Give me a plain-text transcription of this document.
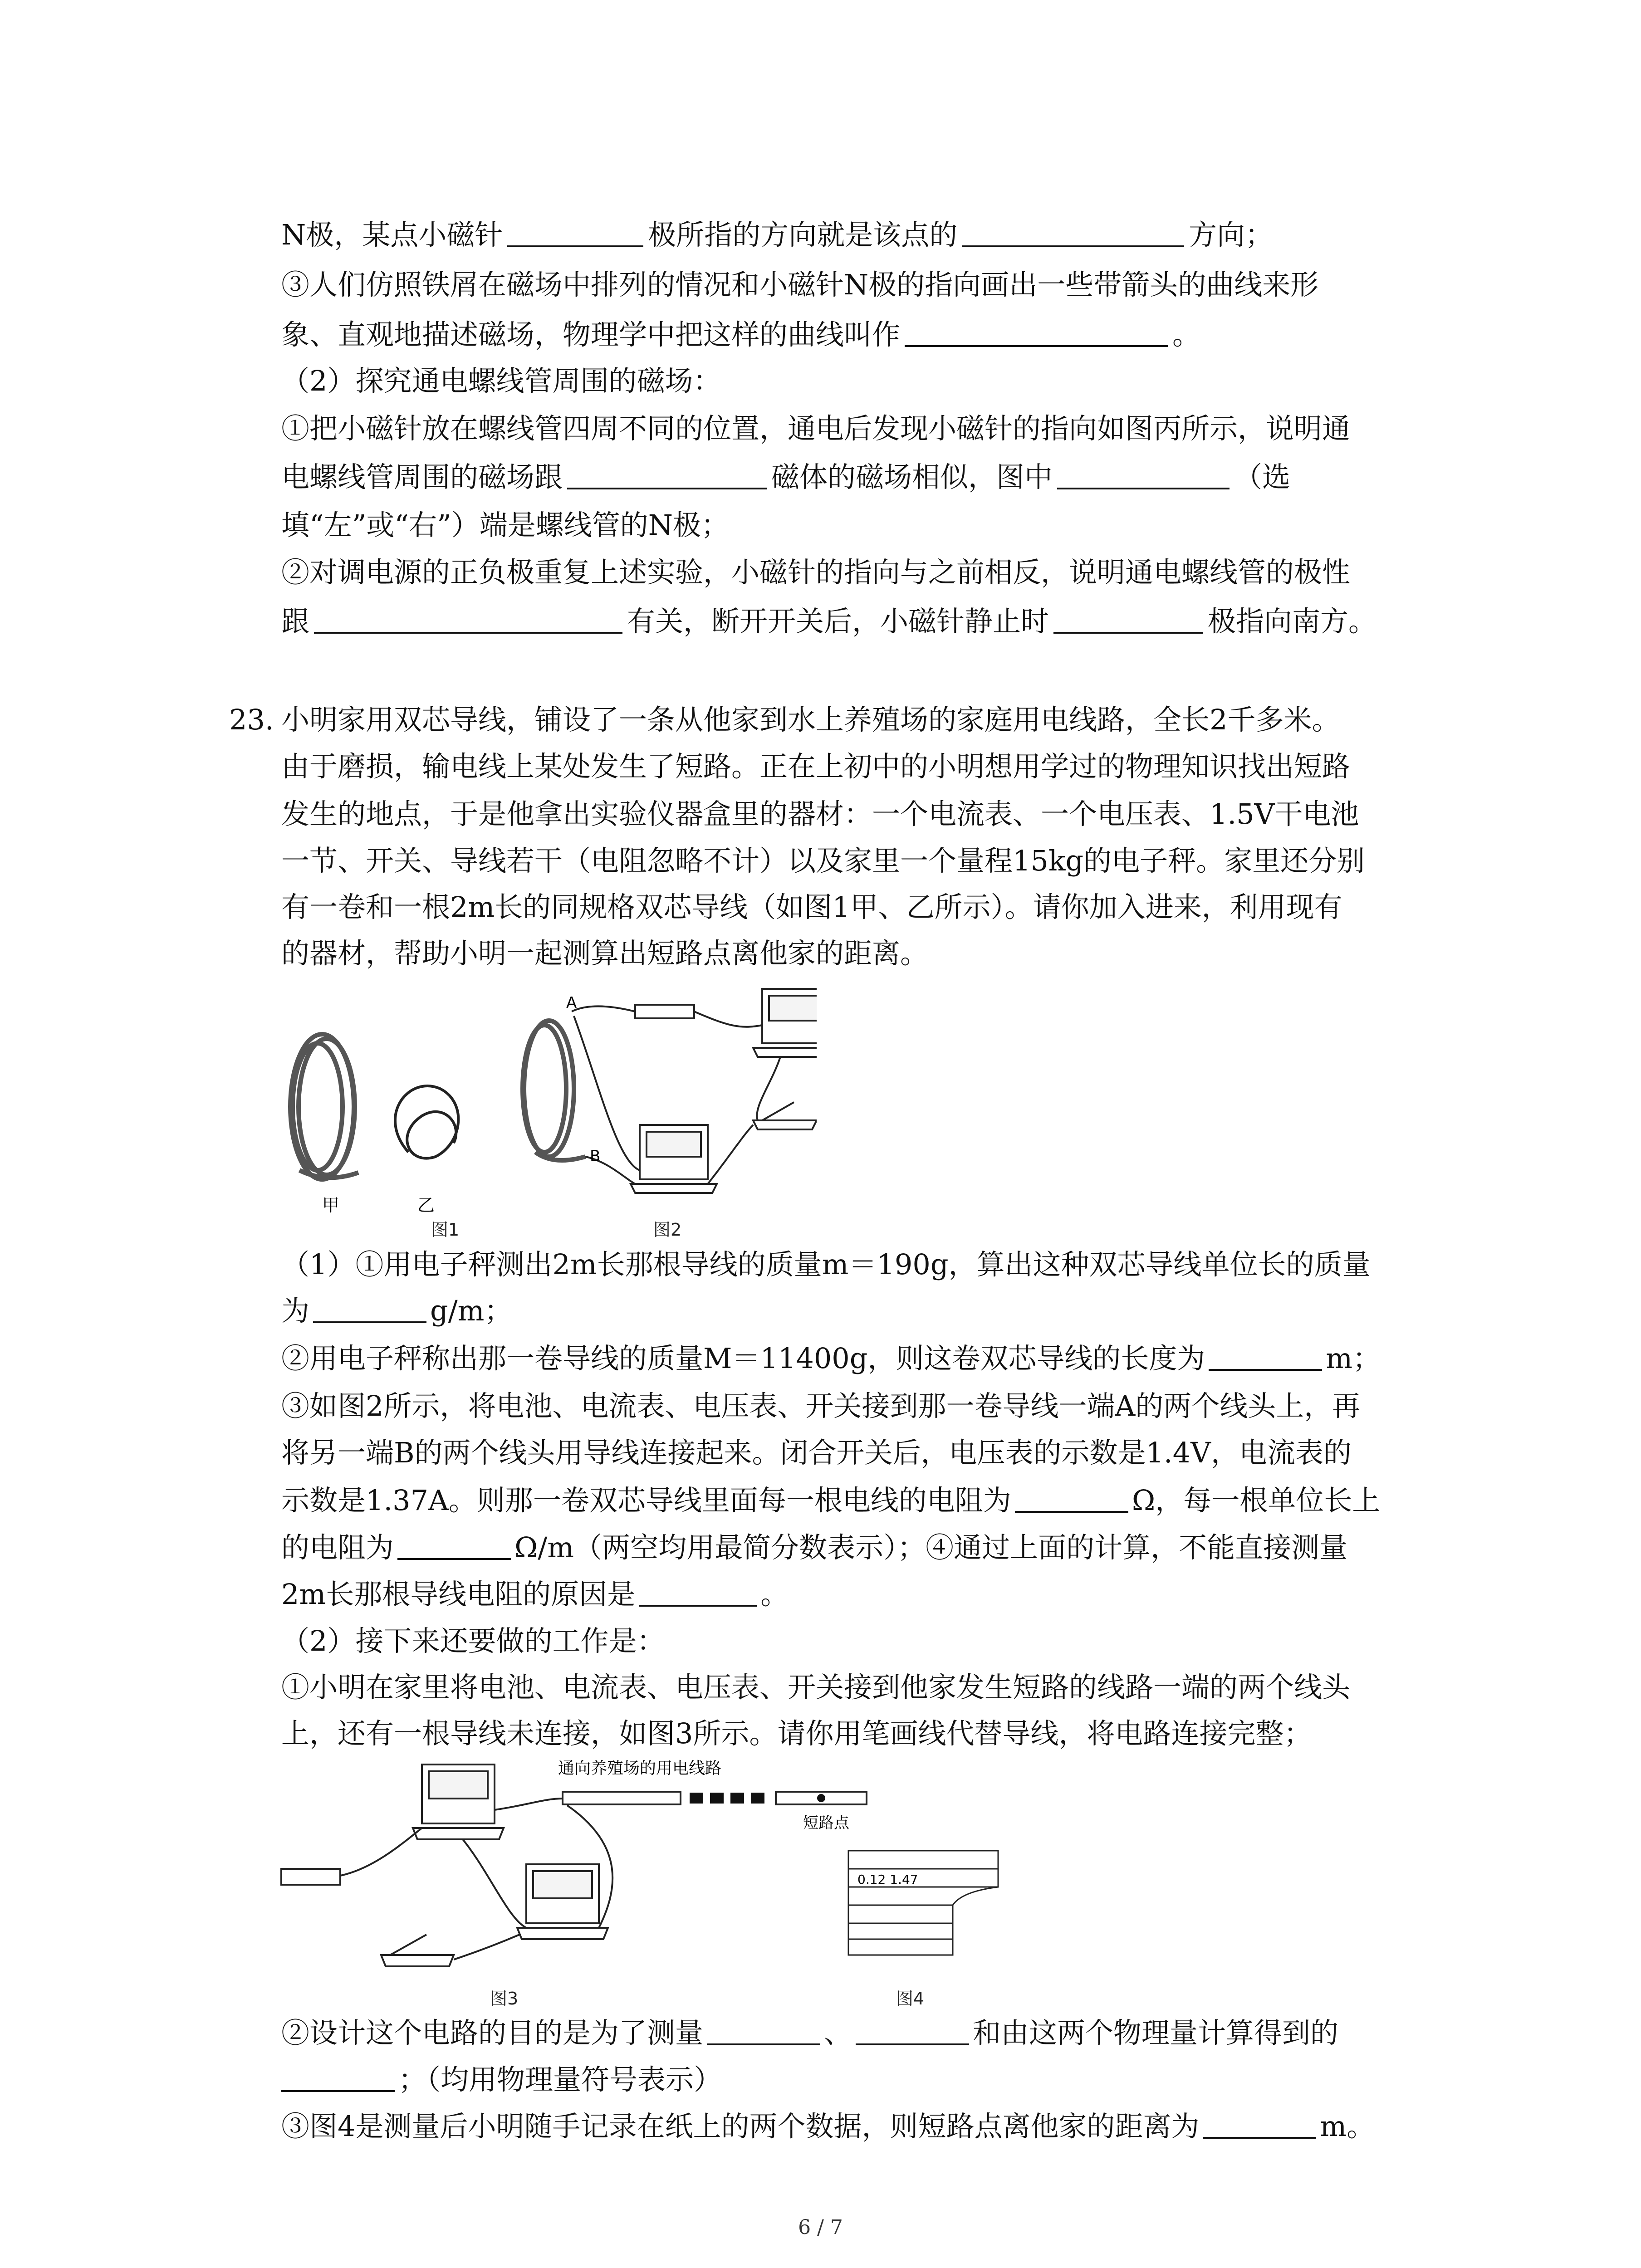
N极，某点小磁针	极所指的方向就是该点的	方向；
③人们仿照铁屑在磁场中排列的情况和小磁针N极的指向画出一些带箭头的曲线来形
象、直观地描述磁场，物理学中把这样的曲线叫作	。
（2）探究通电螺线管周围的磁场：
①把小磁针放在螺线管四周不同的位置，通电后发现小磁针的指向如图丙所示，说明通
电螺线管周围的磁场跟	磁体的磁场相似，图中	（选
填“左”或“右”）端是螺线管的N极；
②对调电源的正负极重复上述实验，小磁针的指向与之前相反，说明通电螺线管的极性
跟	有关，断开开关后，小磁针静止时	极指向南方。
23. 小明家用双芯导线，铺设了一条从他家到水上养殖场的家庭用电线路，全长2千多米。
由于磨损，输电线上某处发生了短路。正在上初中的小明想用学过的物理知识找出短路
发生的地点，于是他拿出实验仪器盒里的器材：一个电流表、一个电压表、1.5V干电池
一节、开关、导线若干（电阻忽略不计）以及家里一个量程15kg的电子秤。家里还分别
有一卷和一根2m长的同规格双芯导线（如图1甲、乙所示）。请你加入进来，利用现有
的器材，帮助小明一起测算出短路点离他家的距离。
甲	乙
A
B
图1	图2
（1）①用电子秤测出2m长那根导线的质量m＝190g，算出这种双芯导线单位长的质量
为	g/m；
②用电子秤称出那一卷导线的质量M＝11400g，则这卷双芯导线的长度为	m；
③如图2所示，将电池、电流表、电压表、开关接到那一卷导线一端A的两个线头上，再
将另一端B的两个线头用导线连接起来。闭合开关后，电压表的示数是1.4V，电流表的
示数是1.37A。则那一卷双芯导线里面每一根电线的电阻为	Ω，每一根单位长上
的电阻为	Ω/m（两空均用最简分数表示）；④通过上面的计算，不能直接测量
2m长那根导线电阻的原因是	。
（2）接下来还要做的工作是：
①小明在家里将电池、电流表、电压表、开关接到他家发生短路的线路一端的两个线头
上，还有一根导线未连接，如图3所示。请你用笔画线代替导线，将电路连接完整；
通向养殖场的用电线路
短路点
0.12 1.47
图3	图4
②设计这个电路的目的是为了测量	、	和由这两个物理量计算得到的
；（均用物理量符号表示）
③图4是测量后小明随手记录在纸上的两个数据，则短路点离他家的距离为	m。
6 / 7
